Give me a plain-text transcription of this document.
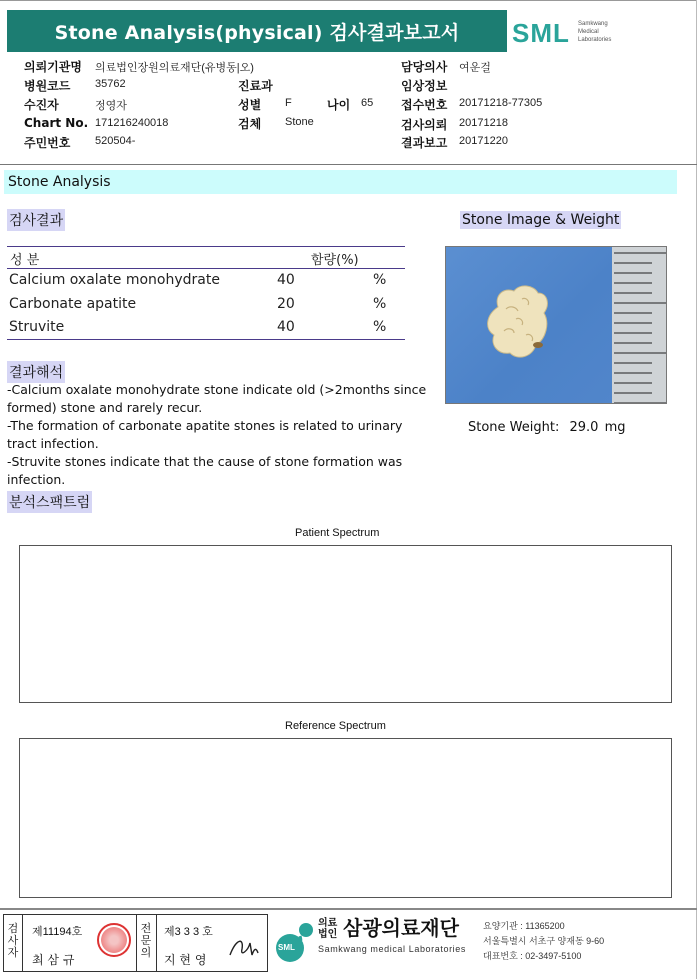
Stone Analysis(physical) 검사결과보고서	SML Samkwang
Medical
Laboratories
의뢰기관명 의료법인장원의료재단(유병동|오)
병원코드 35762
수진자	정영자
Chart No. 171216240018
주민번호 520504-
진료과
성별 F	나이 65
검체 Stone
담당의사 여운걸
임상정보
접수번호 20171218-77305
검사의뢰 20171218
결과보고 20171220
Stone Analysis
검사결과
성 분	함량(%)
Calcium oxalate monohydrate	40	%
Carbonate apatite	20	%
Struvite	40	%
결과해석
-Calcium oxalate monohydrate stone indicate old (>2months since formed) stone and rarely recur.
-The formation of carbonate apatite stones is related to urinary tract infection.
-Struvite stones indicate that the cause of stone formation was infection.
분석스팩트럼
Stone Image & Weight
Stone Weight: 29.0 mg
Patient Spectrum
Reference Spectrum
검사자
제11194호
최 삼 규
전문의
제3 3 3 호
지 현 영
SML
의료법인 삼광의료재단
Samkwang medical Laboratories
요양기관 : 11365200
서울특별시 서초구 양재동 9-60
대표번호 : 02-3497-5100
